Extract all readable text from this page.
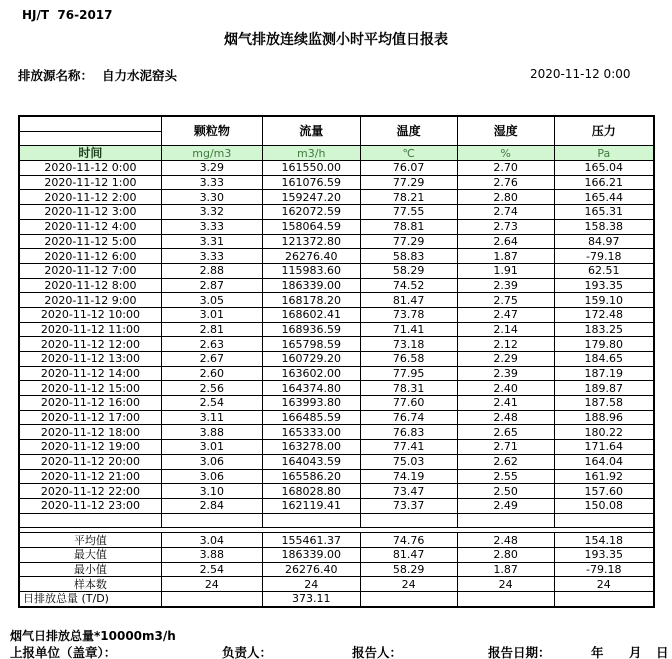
HJ/T  76-2017
烟气排放连续监测小时平均值日报表
排放源名称： 自力水泥窑头	2020-11-12 0:00
	颗粒物	流量	温度	湿度	压力

时间	mg/m3	m3/h	℃	%	Pa
2020-11-12 0:00	3.29	161550.00	76.07	2.70	165.04
2020-11-12 1:00	3.33	161076.59	77.29	2.76	166.21
2020-11-12 2:00	3.30	159247.20	78.21	2.80	165.44
2020-11-12 3:00	3.32	162072.59	77.55	2.74	165.31
2020-11-12 4:00	3.33	158064.59	78.81	2.73	158.38
2020-11-12 5:00	3.31	121372.80	77.29	2.64	84.97
2020-11-12 6:00	3.33	26276.40	58.83	1.87	-79.18
2020-11-12 7:00	2.88	115983.60	58.29	1.91	62.51
2020-11-12 8:00	2.87	186339.00	74.52	2.39	193.35
2020-11-12 9:00	3.05	168178.20	81.47	2.75	159.10
2020-11-12 10:00	3.01	168602.41	73.78	2.47	172.48
2020-11-12 11:00	2.81	168936.59	71.41	2.14	183.25
2020-11-12 12:00	2.63	165798.59	73.18	2.12	179.80
2020-11-12 13:00	2.67	160729.20	76.58	2.29	184.65
2020-11-12 14:00	2.60	163602.00	77.95	2.39	187.19
2020-11-12 15:00	2.56	164374.80	78.31	2.40	189.87
2020-11-12 16:00	2.54	163993.80	77.60	2.41	187.58
2020-11-12 17:00	3.11	166485.59	76.74	2.48	188.96
2020-11-12 18:00	3.88	165333.00	76.83	2.65	180.22
2020-11-12 19:00	3.01	163278.00	77.41	2.71	171.64
2020-11-12 20:00	3.06	164043.59	75.03	2.62	164.04
2020-11-12 21:00	3.06	165586.20	74.19	2.55	161.92
2020-11-12 22:00	3.10	168028.80	73.47	2.50	157.60
2020-11-12 23:00	2.84	162119.41	73.37	2.49	150.08

平均值	3.04	155461.37	74.76	2.48	154.18
最大值	3.88	186339.00	81.47	2.80	193.35
最小值	2.54	26276.40	58.29	1.87	-79.18
样本数	24	24	24	24	24
日排放总量 (T/D)		373.11			
烟气日排放总量*10000m3/h
上报单位（盖章）：	负责人：	报告人：	报告日期：	年 月 日
